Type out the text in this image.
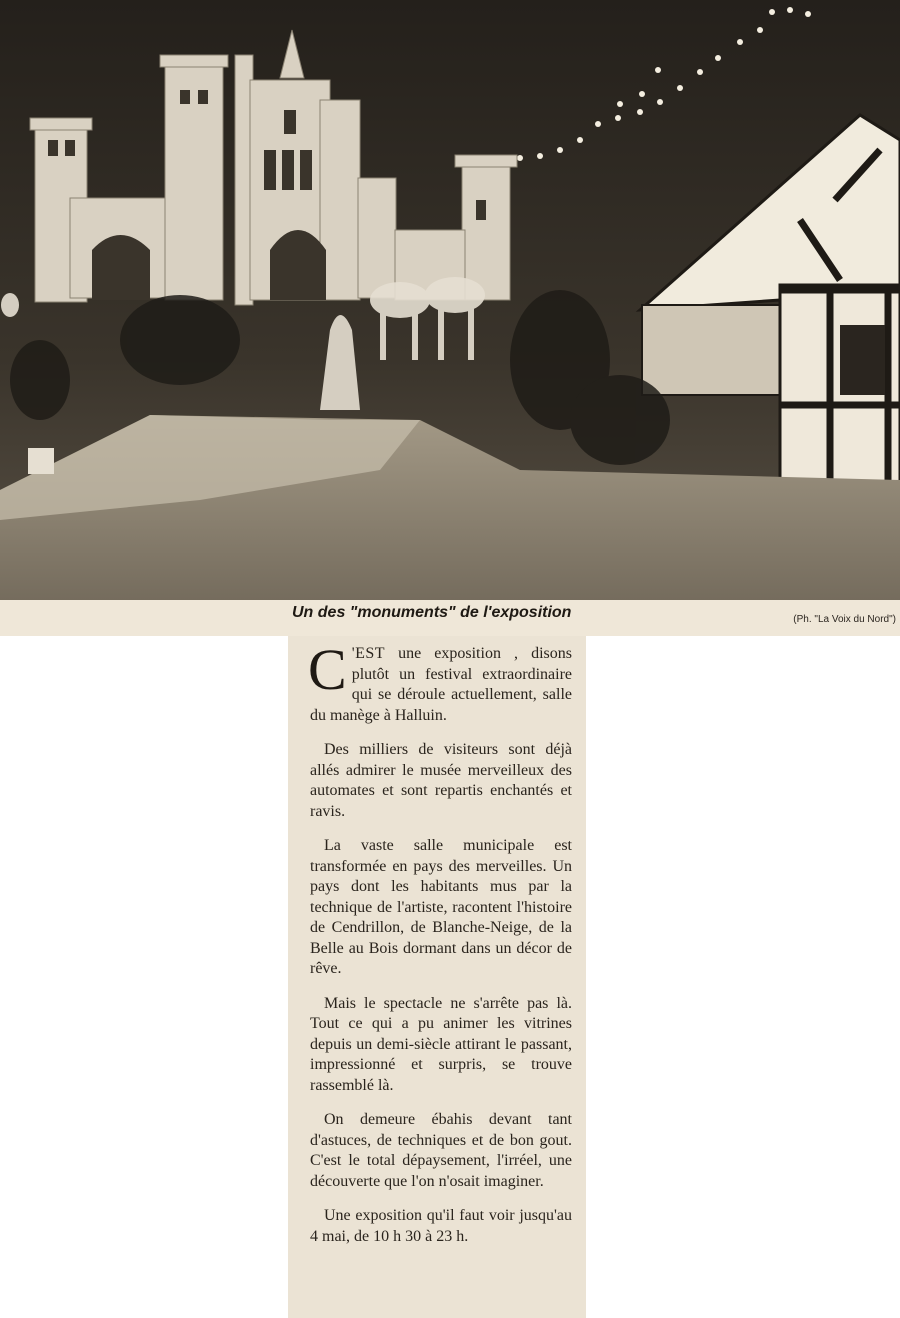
Un des "monuments" de l'exposition	(Ph. "La Voix du Nord")

C 'EST une exposition , disons plutôt un festival extraordinaire qui se déroule actuellement, salle du manège à Halluin.

Des milliers de visiteurs sont déjà allés admirer le musée merveilleux des automates et sont repartis enchantés et ravis.

La vaste salle municipale est transformée en pays des merveilles. Un pays dont les habitants mus par la technique de l'artiste, racontent l'histoire de Cendrillon, de Blanche-Neige, de la Belle au Bois dormant dans un décor de rêve.

Mais le spectacle ne s'arrête pas là. Tout ce qui a pu animer les vitrines depuis un demi-siècle attirant le passant, impressionné et surpris, se trouve rassemblé là.

On demeure ébahis devant tant d'astuces, de techniques et de bon gout. C'est le total dépaysement, l'irréel, une découverte que l'on n'osait imaginer.

Une exposition qu'il faut voir jusqu'au 4 mai, de 10 h 30 à 23 h.
